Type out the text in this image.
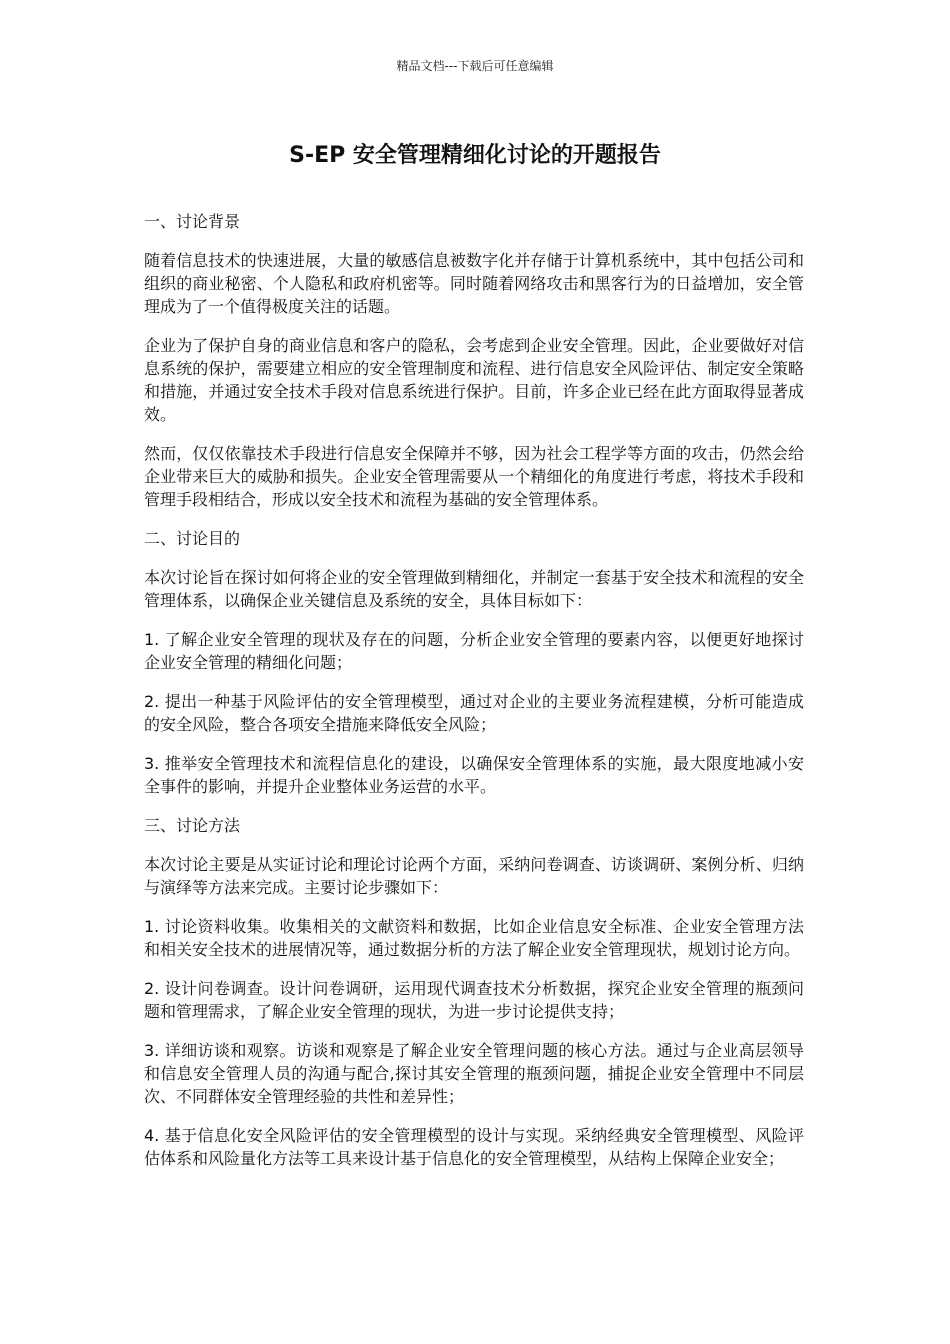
精品文档---下载后可任意编辑
S-EP 安全管理精细化讨论的开题报告

一、讨论背景

随着信息技术的快速进展，大量的敏感信息被数字化并存储于计算机系统中，其中包括公司和组织的商业秘密、个人隐私和政府机密等。同时随着网络攻击和黑客行为的日益增加，安全管理成为了一个值得极度关注的话题。

企业为了保护自身的商业信息和客户的隐私，会考虑到企业安全管理。因此，企业要做好对信息系统的保护，需要建立相应的安全管理制度和流程、进行信息安全风险评估、制定安全策略和措施，并通过安全技术手段对信息系统进行保护。目前，许多企业已经在此方面取得显著成效。

然而，仅仅依靠技术手段进行信息安全保障并不够，因为社会工程学等方面的攻击，仍然会给企业带来巨大的威胁和损失。企业安全管理需要从一个精细化的角度进行考虑，将技术手段和管理手段相结合，形成以安全技术和流程为基础的安全管理体系。

二、讨论目的

本次讨论旨在探讨如何将企业的安全管理做到精细化，并制定一套基于安全技术和流程的安全管理体系，以确保企业关键信息及系统的安全，具体目标如下：

1. 了解企业安全管理的现状及存在的问题，分析企业安全管理的要素内容，以便更好地探讨企业安全管理的精细化问题；

2. 提出一种基于风险评估的安全管理模型，通过对企业的主要业务流程建模，分析可能造成的安全风险，整合各项安全措施来降低安全风险；

3. 推举安全管理技术和流程信息化的建设，以确保安全管理体系的实施，最大限度地减小安全事件的影响，并提升企业整体业务运营的水平。

三、讨论方法

本次讨论主要是从实证讨论和理论讨论两个方面，采纳问卷调查、访谈调研、案例分析、归纳与演绎等方法来完成。主要讨论步骤如下：

1. 讨论资料收集。收集相关的文献资料和数据，比如企业信息安全标准、企业安全管理方法和相关安全技术的进展情况等，通过数据分析的方法了解企业安全管理现状，规划讨论方向。

2. 设计问卷调查。设计问卷调研，运用现代调查技术分析数据，探究企业安全管理的瓶颈问题和管理需求，了解企业安全管理的现状，为进一步讨论提供支持；

3. 详细访谈和观察。访谈和观察是了解企业安全管理问题的核心方法。通过与企业高层领导和信息安全管理人员的沟通与配合,探讨其安全管理的瓶颈问题，捕捉企业安全管理中不同层次、不同群体安全管理经验的共性和差异性；

4. 基于信息化安全风险评估的安全管理模型的设计与实现。采纳经典安全管理模型、风险评估体系和风险量化方法等工具来设计基于信息化的安全管理模型，从结构上保障企业安全；
